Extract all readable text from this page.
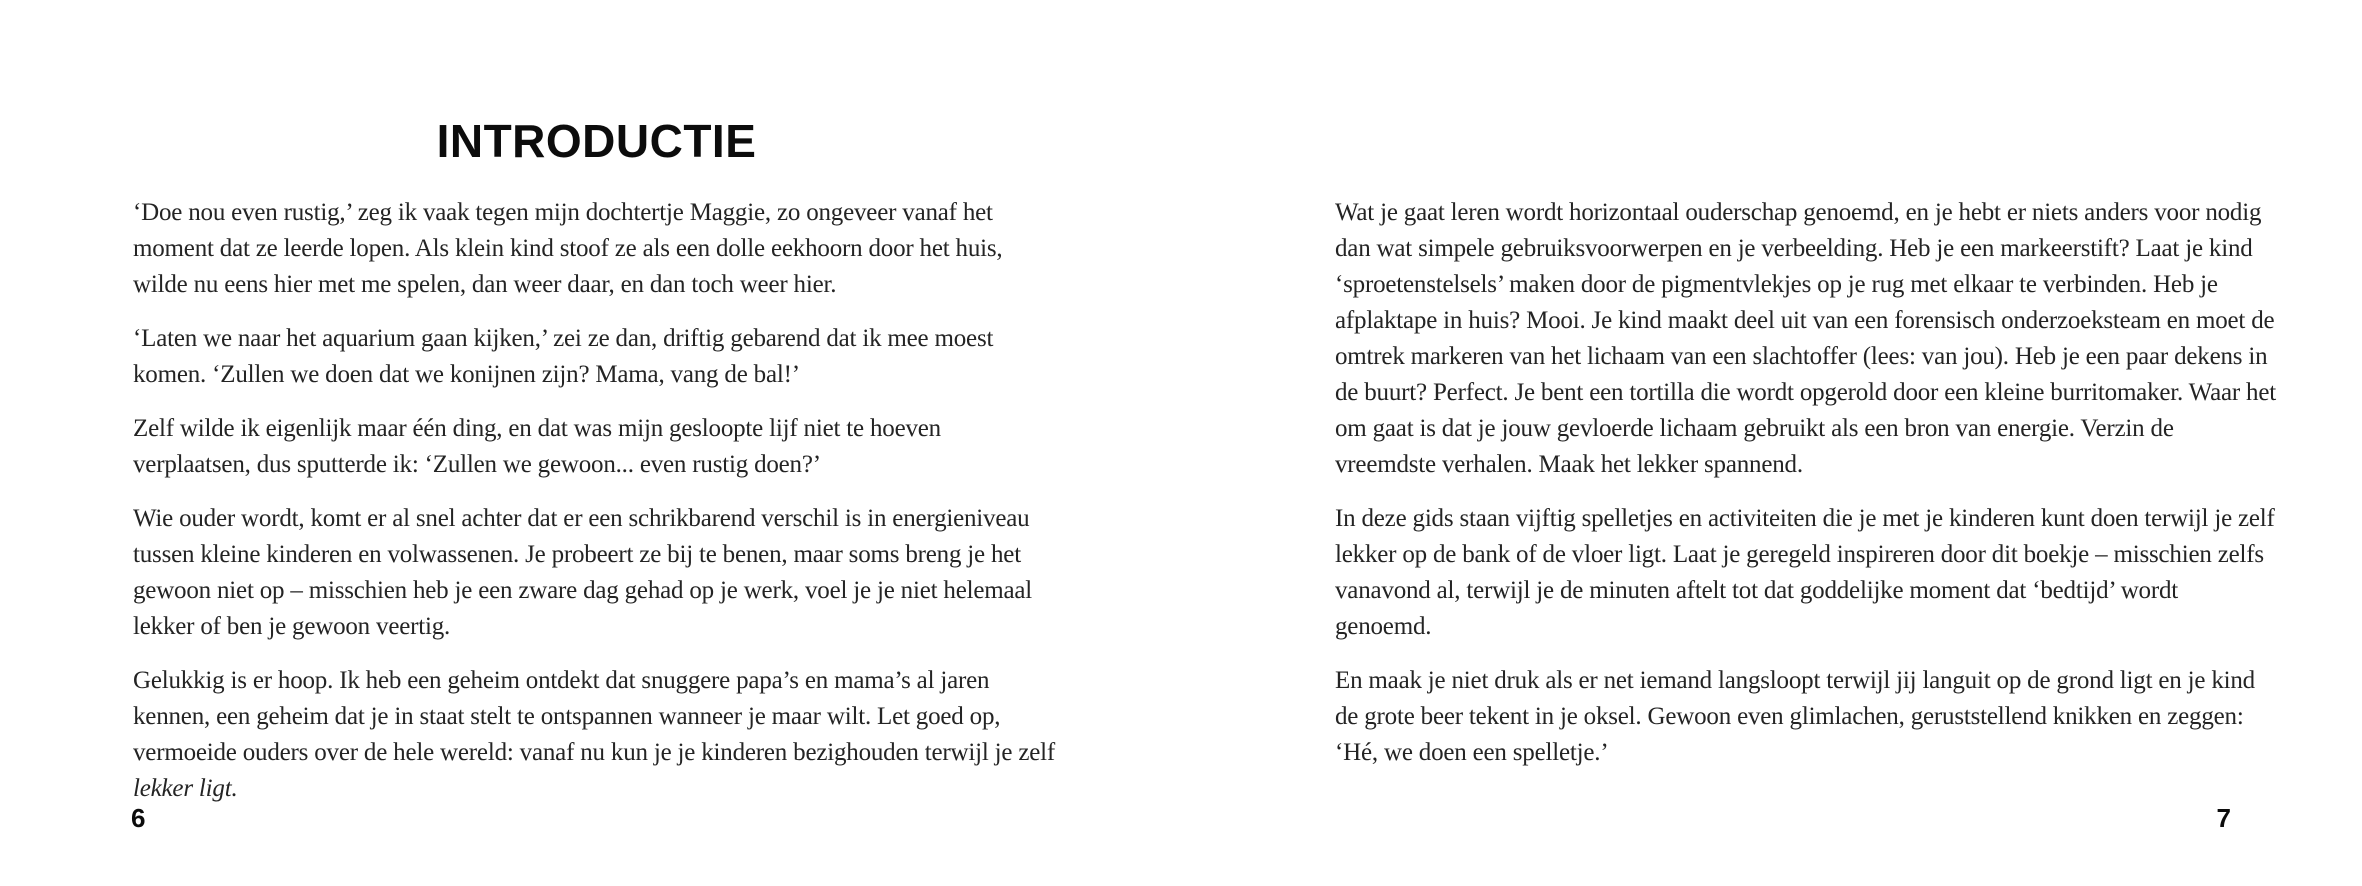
INTRODUCTIE

‘Doe nou even rustig,’ zeg ik vaak tegen mijn dochtertje Maggie, zo ongeveer vanaf het moment dat ze leerde lopen. Als klein kind stoof ze als een dolle eekhoorn door het huis, wilde nu eens hier met me spelen, dan weer daar, en dan toch weer hier.

‘Laten we naar het aquarium gaan kijken,’ zei ze dan, driftig gebarend dat ik mee moest komen. ‘Zullen we doen dat we konijnen zijn? Mama, vang de bal!’

Zelf wilde ik eigenlijk maar één ding, en dat was mijn gesloopte lijf niet te hoeven verplaatsen, dus sputterde ik: ‘Zullen we gewoon... even rustig doen?’

Wie ouder wordt, komt er al snel achter dat er een schrikbarend verschil is in energieniveau tussen kleine kinderen en volwassenen. Je probeert ze bij te benen, maar soms breng je het gewoon niet op – misschien heb je een zware dag gehad op je werk, voel je je niet helemaal lekker of ben je gewoon veertig.

Gelukkig is er hoop. Ik heb een geheim ontdekt dat snuggere papa’s en mama’s al jaren kennen, een geheim dat je in staat stelt te ontspannen wanneer je maar wilt. Let goed op, vermoeide ouders over de hele wereld: vanaf nu kun je je kinderen bezighouden terwijl je zelf lekker ligt.

6

Wat je gaat leren wordt horizontaal ouderschap genoemd, en je hebt er niets anders voor nodig dan wat simpele gebruiksvoorwerpen en je verbeelding. Heb je een markeerstift? Laat je kind ‘sproetenstelsels’ maken door de pigmentvlekjes op je rug met elkaar te verbinden. Heb je afplaktape in huis? Mooi. Je kind maakt deel uit van een forensisch onderzoeksteam en moet de omtrek markeren van het lichaam van een slachtoffer (lees: van jou). Heb je een paar dekens in de buurt? Perfect. Je bent een tortilla die wordt opgerold door een kleine burritomaker. Waar het om gaat is dat je jouw gevloerde lichaam gebruikt als een bron van energie. Verzin de vreemdste verhalen. Maak het lekker spannend.

In deze gids staan vijftig spelletjes en activiteiten die je met je kinderen kunt doen terwijl je zelf lekker op de bank of de vloer ligt. Laat je geregeld inspireren door dit boekje – misschien zelfs vanavond al, terwijl je de minuten aftelt tot dat goddelijke moment dat ‘bedtijd’ wordt genoemd.

En maak je niet druk als er net iemand langsloopt terwijl jij languit op de grond ligt en je kind de grote beer tekent in je oksel. Gewoon even glimlachen, geruststellend knikken en zeggen:
‘Hé, we doen een spelletje.’

7
